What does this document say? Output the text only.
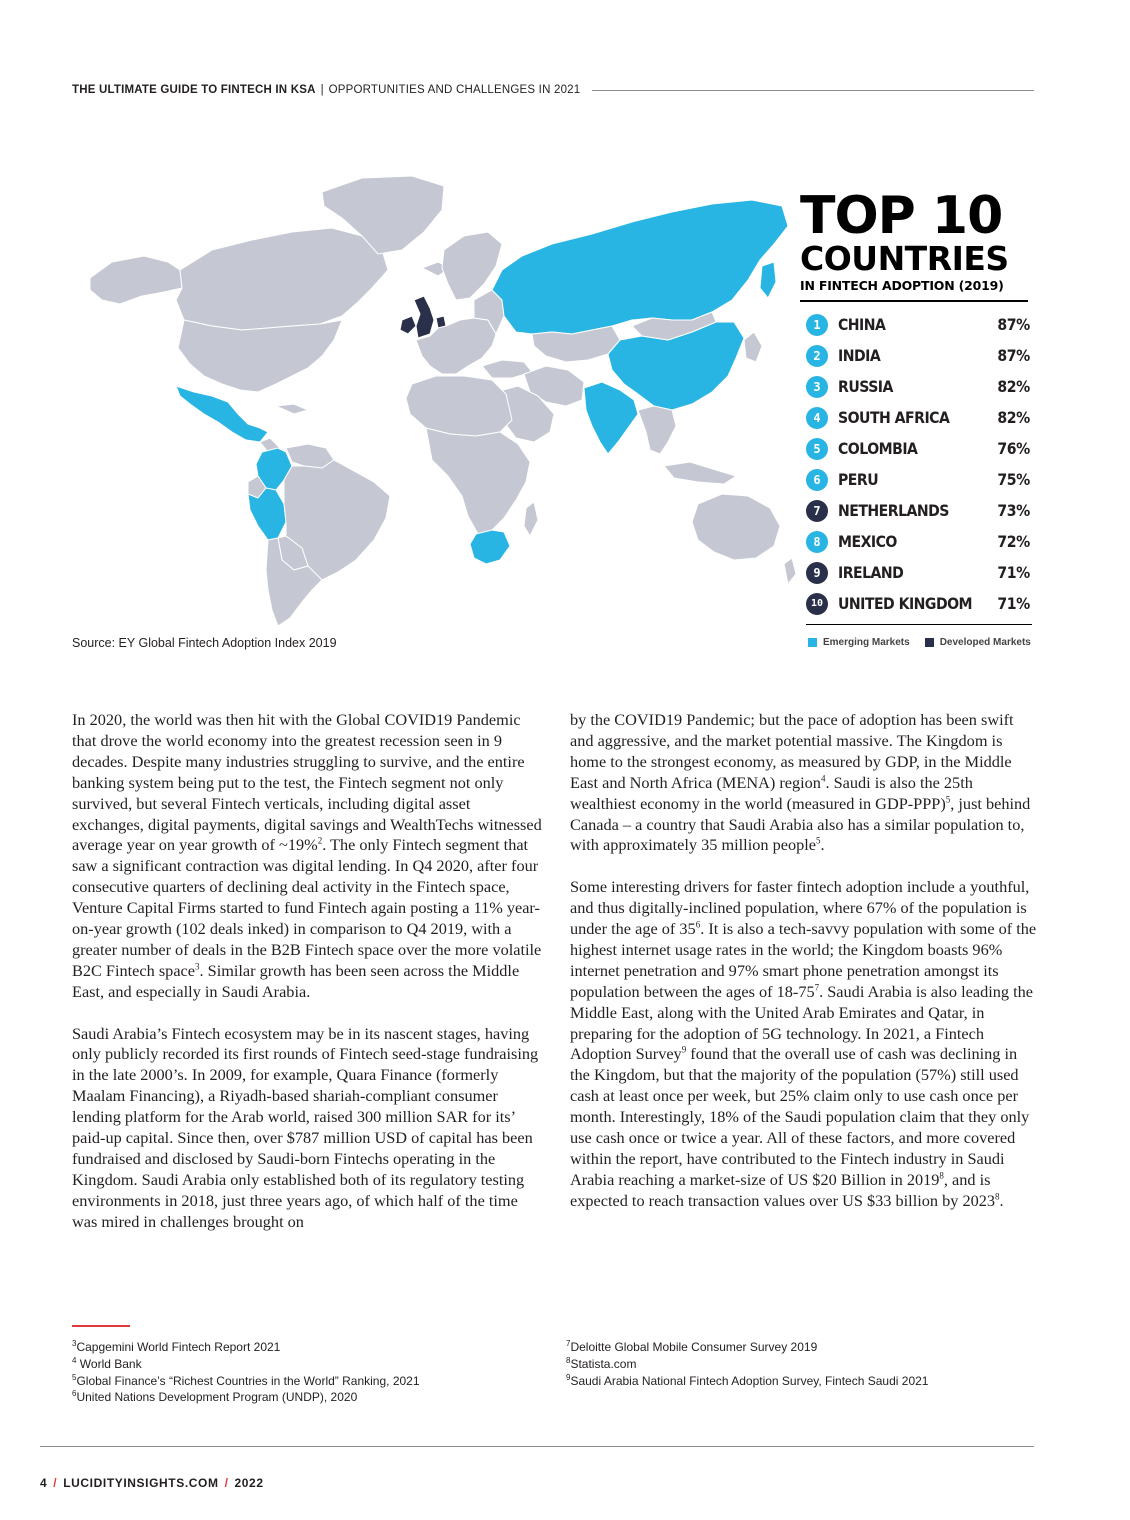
THE ULTIMATE GUIDE TO FINTECH IN KSA | OPPORTUNITIES AND CHALLENGES IN 2021
TOP 10
COUNTRIES
IN FINTECH ADOPTION (2019)
1	CHINA	87%
2	INDIA	87%
3	RUSSIA	82%
4	SOUTH AFRICA	82%
5	COLOMBIA	76%
6	PERU	75%
7	NETHERLANDS	73%
8	MEXICO	72%
9	IRELAND	71%
10 UNITED KINGDOM 71%
Emerging Markets	Developed Markets
Source: EY Global Fintech Adoption Index 2019

In 2020, the world was then hit with the Global COVID19 Pandemic that drove the world economy into the greatest recession seen in 9 decades. Despite many industries struggling to survive, and the entire banking system being put to the test, the Fintech segment not only survived, but several Fintech verticals, including digital asset exchanges, digital payments, digital savings and WealthTechs witnessed average year on year growth of ~19%$^2$. The only Fintech segment that saw a significant contraction was digital lending. In Q4 2020, after four consecutive quarters of declining deal activity in the Fintech space, Venture Capital Firms started to fund Fintech again posting a 11% year-on-year growth (102 deals inked) in comparison to Q4 2019, with a greater number of deals in the B2B Fintech space over the more volatile B2C Fintech space$^3$. Similar growth has been seen across the Middle East, and especially in Saudi Arabia.

Saudi Arabia’s Fintech ecosystem may be in its nascent stages, having only publicly recorded its first rounds of Fintech seed-stage fundraising in the late 2000’s. In 2009, for example, Quara Finance (formerly Maalam Financing), a Riyadh-based shariah-compliant consumer lending platform for the Arab world, raised 300 million SAR for its’ paid-up capital. Since then, over $787 million USD of capital has been fundraised and disclosed by Saudi-born Fintechs operating in the Kingdom. Saudi Arabia only established both of its regulatory testing environments in 2018, just three years ago, of which half of the time was mired in challenges brought on

by the COVID19 Pandemic; but the pace of adoption has been swift and aggressive, and the market potential massive. The Kingdom is home to the strongest economy, as measured by GDP, in the Middle East and North Africa (MENA) region$^4$. Saudi is also the 25th wealthiest economy in the world (measured in GDP-PPP)$^5$, just behind Canada – a country that Saudi Arabia also has a similar population to, with approximately 35 million people$^5$.

Some interesting drivers for faster fintech adoption include a youthful, and thus digitally-inclined population, where 67% of the population is under the age of $35^6$. It is also a tech-savvy population with some of the highest internet usage rates in the world; the Kingdom boasts 96% internet penetration and 97% smart phone penetration amongst its population between the ages of $18-75^7$. Saudi Arabia is also leading the Middle East, along with the United Arab Emirates and Qatar, in preparing for the adoption of 5G technology. In 2021, a Fintech Adoption Survey$^9$ found that the overall use of cash was declining in the Kingdom, but that the majority of the population (57%) still used cash at least once per week, but 25% claim only to use cash once per month. Interestingly, 18% of the Saudi population claim that they only use cash once or twice a year. All of these factors, and more covered within the report, have contributed to the Fintech industry in Saudi Arabia reaching a market-size of US $20 Billion in 2019$^8$, and is expected to reach transaction values over US $33 billion by 2023$^8$.

$^3$Capgemini World Fintech Report 2021
$^4$ World Bank
$^5$Global Finance’s “Richest Countries in the World” Ranking, 2021
$^6$United Nations Development Program (UNDP), 2020
$^7$Deloitte Global Mobile Consumer Survey 2019
$^8$Statista.com
$^9$Saudi Arabia National Fintech Adoption Survey, Fintech Saudi 2021
4 / LUCIDITYINSIGHTS.COM / 2022
